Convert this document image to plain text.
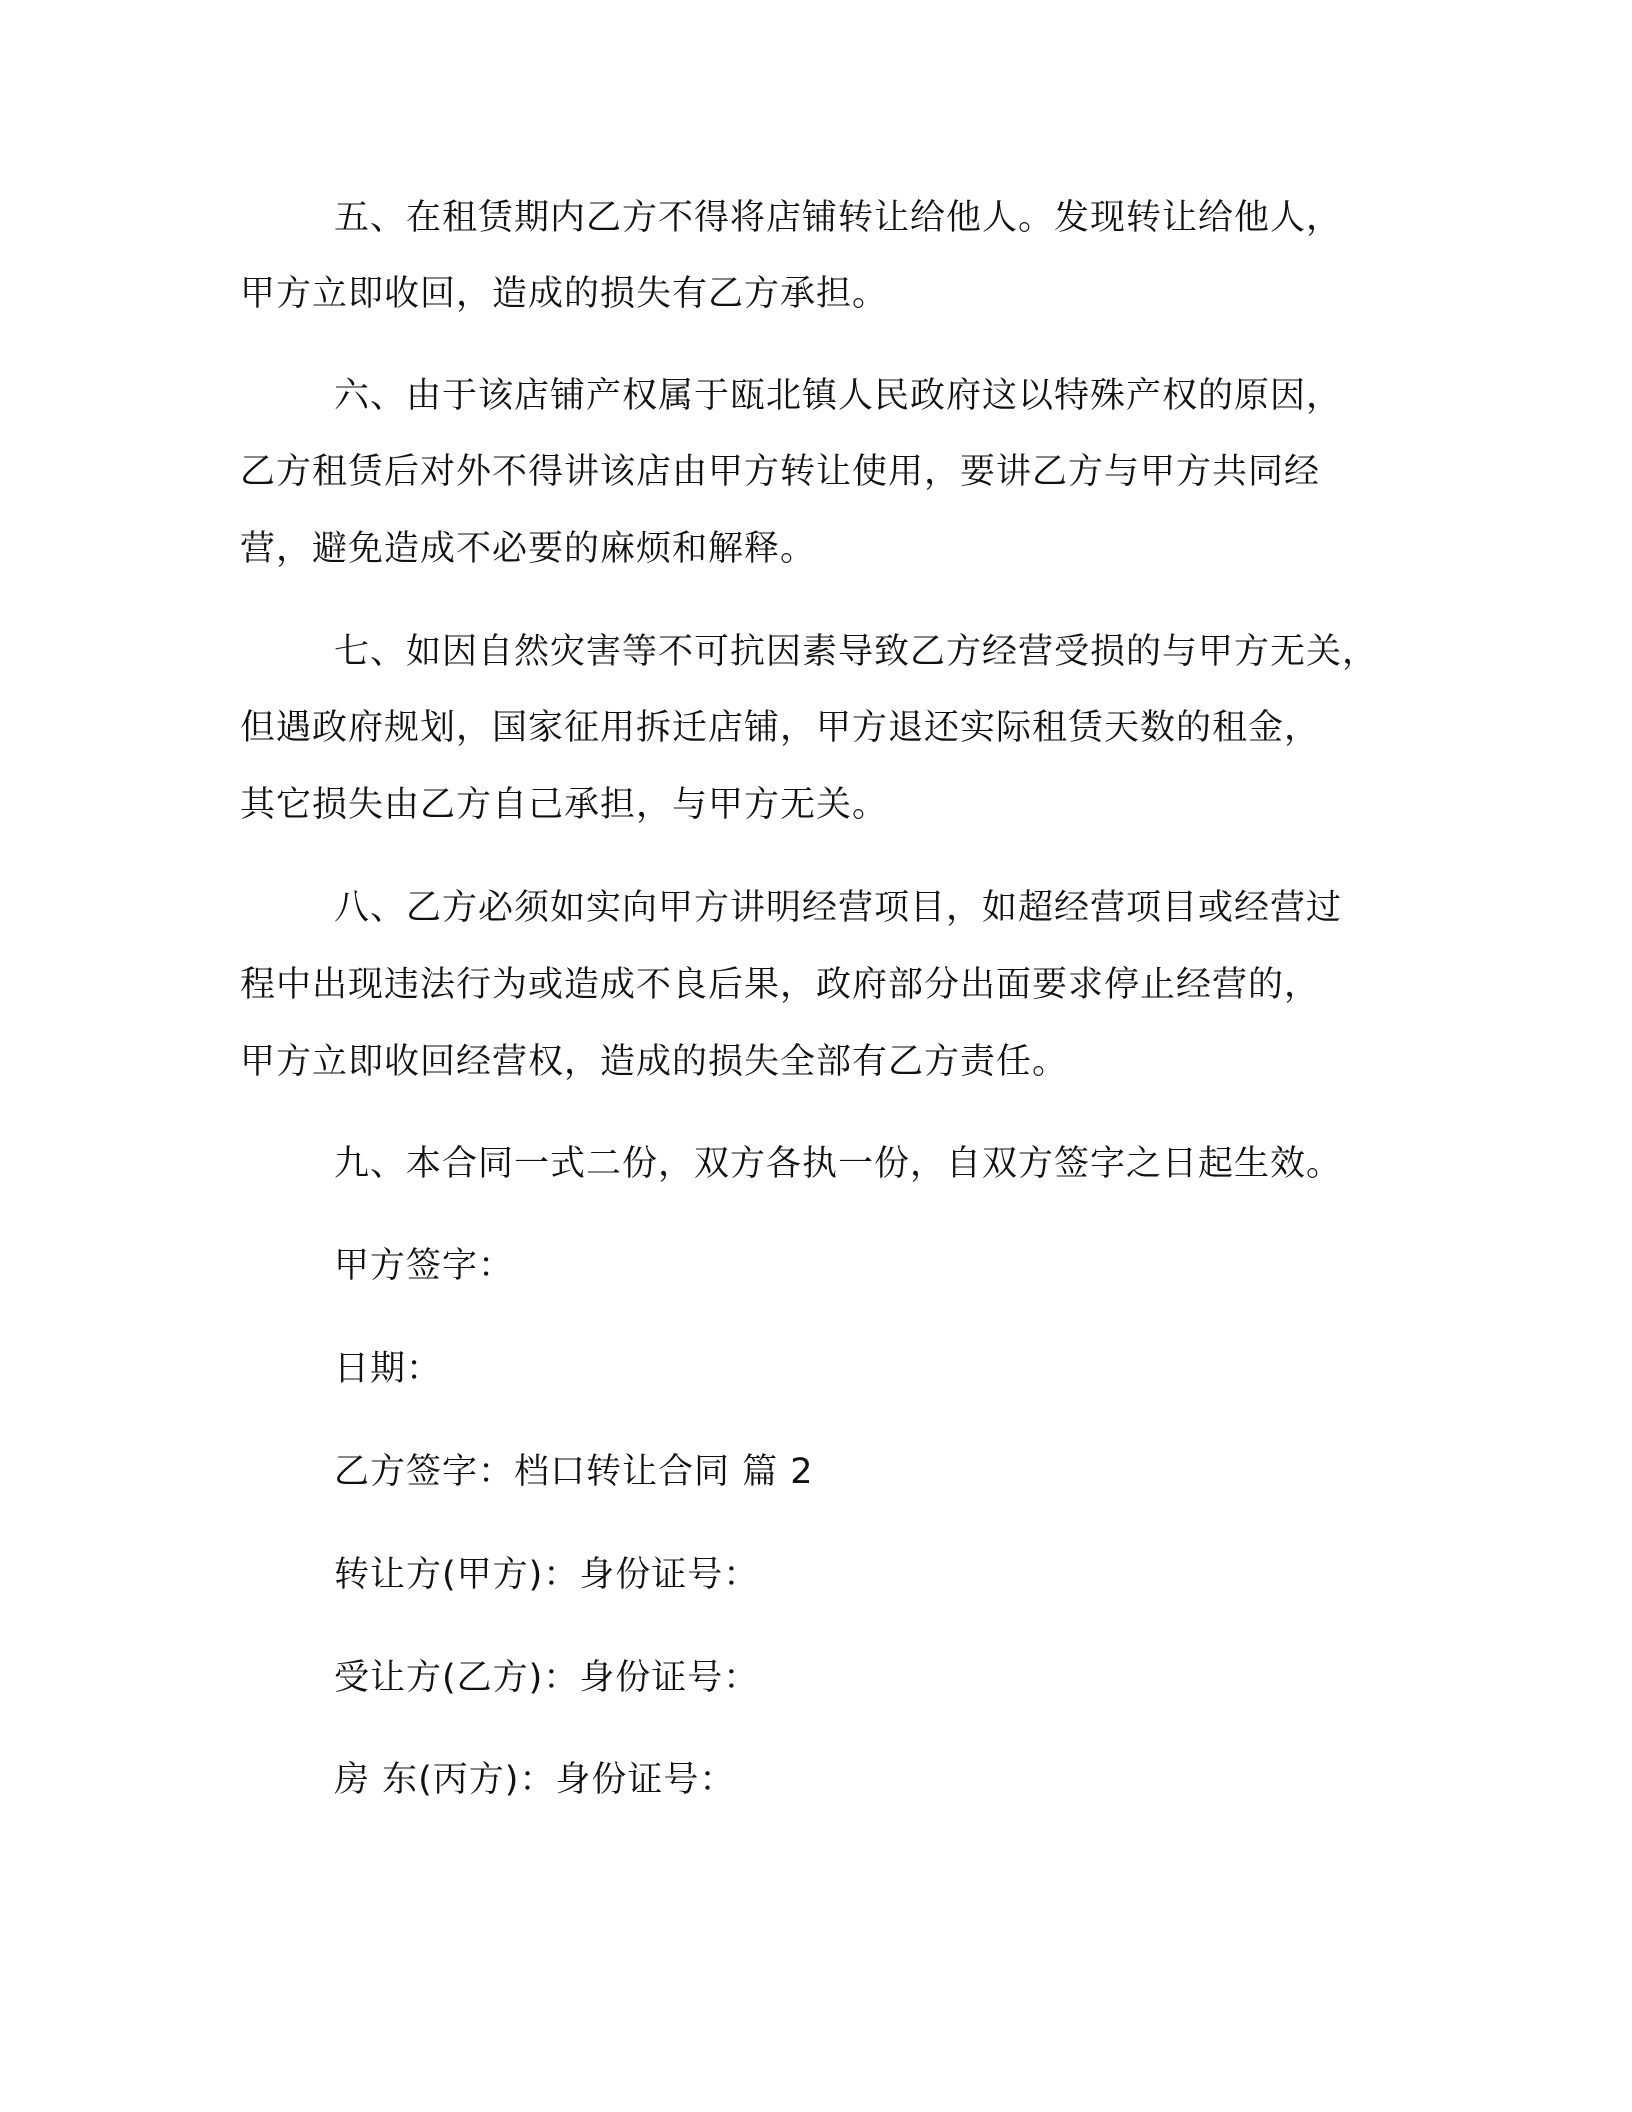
五、在租赁期内乙方不得将店铺转让给他人。发现转让给他人，
甲方立即收回，造成的损失有乙方承担。
六、由于该店铺产权属于瓯北镇人民政府这以特殊产权的原因，
乙方租赁后对外不得讲该店由甲方转让使用，要讲乙方与甲方共同经
营，避免造成不必要的麻烦和解释。
七、如因自然灾害等不可抗因素导致乙方经营受损的与甲方无关，
但遇政府规划，国家征用拆迁店铺，甲方退还实际租赁天数的租金，
其它损失由乙方自己承担，与甲方无关。
八、乙方必须如实向甲方讲明经营项目，如超经营项目或经营过
程中出现违法行为或造成不良后果，政府部分出面要求停止经营的，
甲方立即收回经营权，造成的损失全部有乙方责任。
九、本合同一式二份，双方各执一份，自双方签字之日起生效。
甲方签字：
日期：
乙方签字：档口转让合同 篇 2
转让方(甲方)：身份证号：
受让方(乙方)：身份证号：
房 东(丙方)：身份证号：
